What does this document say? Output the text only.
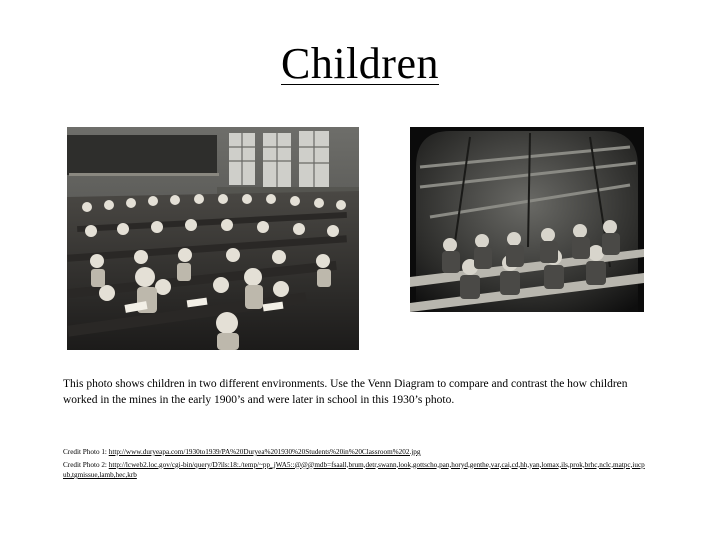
Children

This photo shows children in two different environments. Use the Venn Diagram to compare and contrast the how children worked in the mines in the early 1900’s and were later in school in this 1930’s photo.

Credit Photo 1: http://www.duryeapa.com/1930to1939/PA%20Duryea%201930%20Students%20in%20Classroom%202.jpg

Credit Photo 2: http://lcweb2.loc.gov/cgi-bin/query/D?ils:18:./temp/~pp_jWA5::@@@mdb=fsaall,brum,detr,swann,look,gottscho,pan,horyd,genthe,var,cai,cd,hh,yan,lomax,ils,prok,brhc,nclc,matpc,iucpub,tgmissue,lamb,hec,krb
